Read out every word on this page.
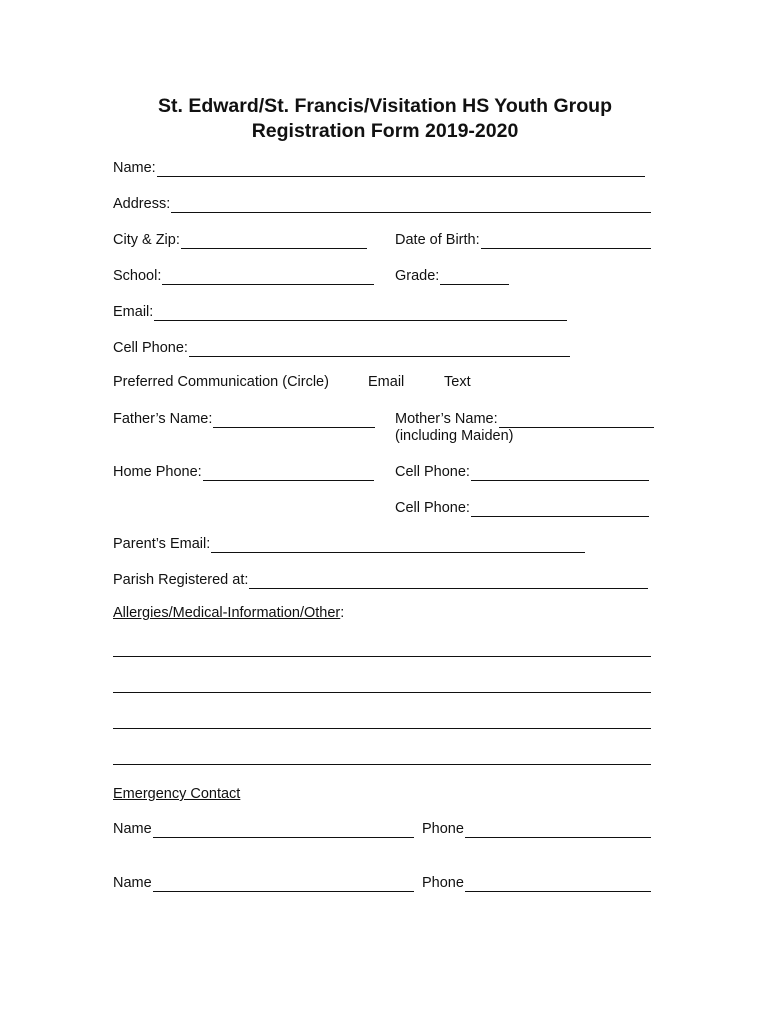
St. Edward/St. Francis/Visitation HS Youth Group
Registration Form 2019-2020
Name:
Address:
City & Zip:	Date of Birth:
School:	Grade:
Email:
Cell Phone:
Preferred Communication (Circle)	Email	Text
Father’s Name:	Mother’s Name:
(including Maiden)
Home Phone:	Cell Phone:
Cell Phone:
Parent’s Email:
Parish Registered at:
Allergies/Medical-Information/Other:
Emergency Contact
Name	Phone
Name	Phone
